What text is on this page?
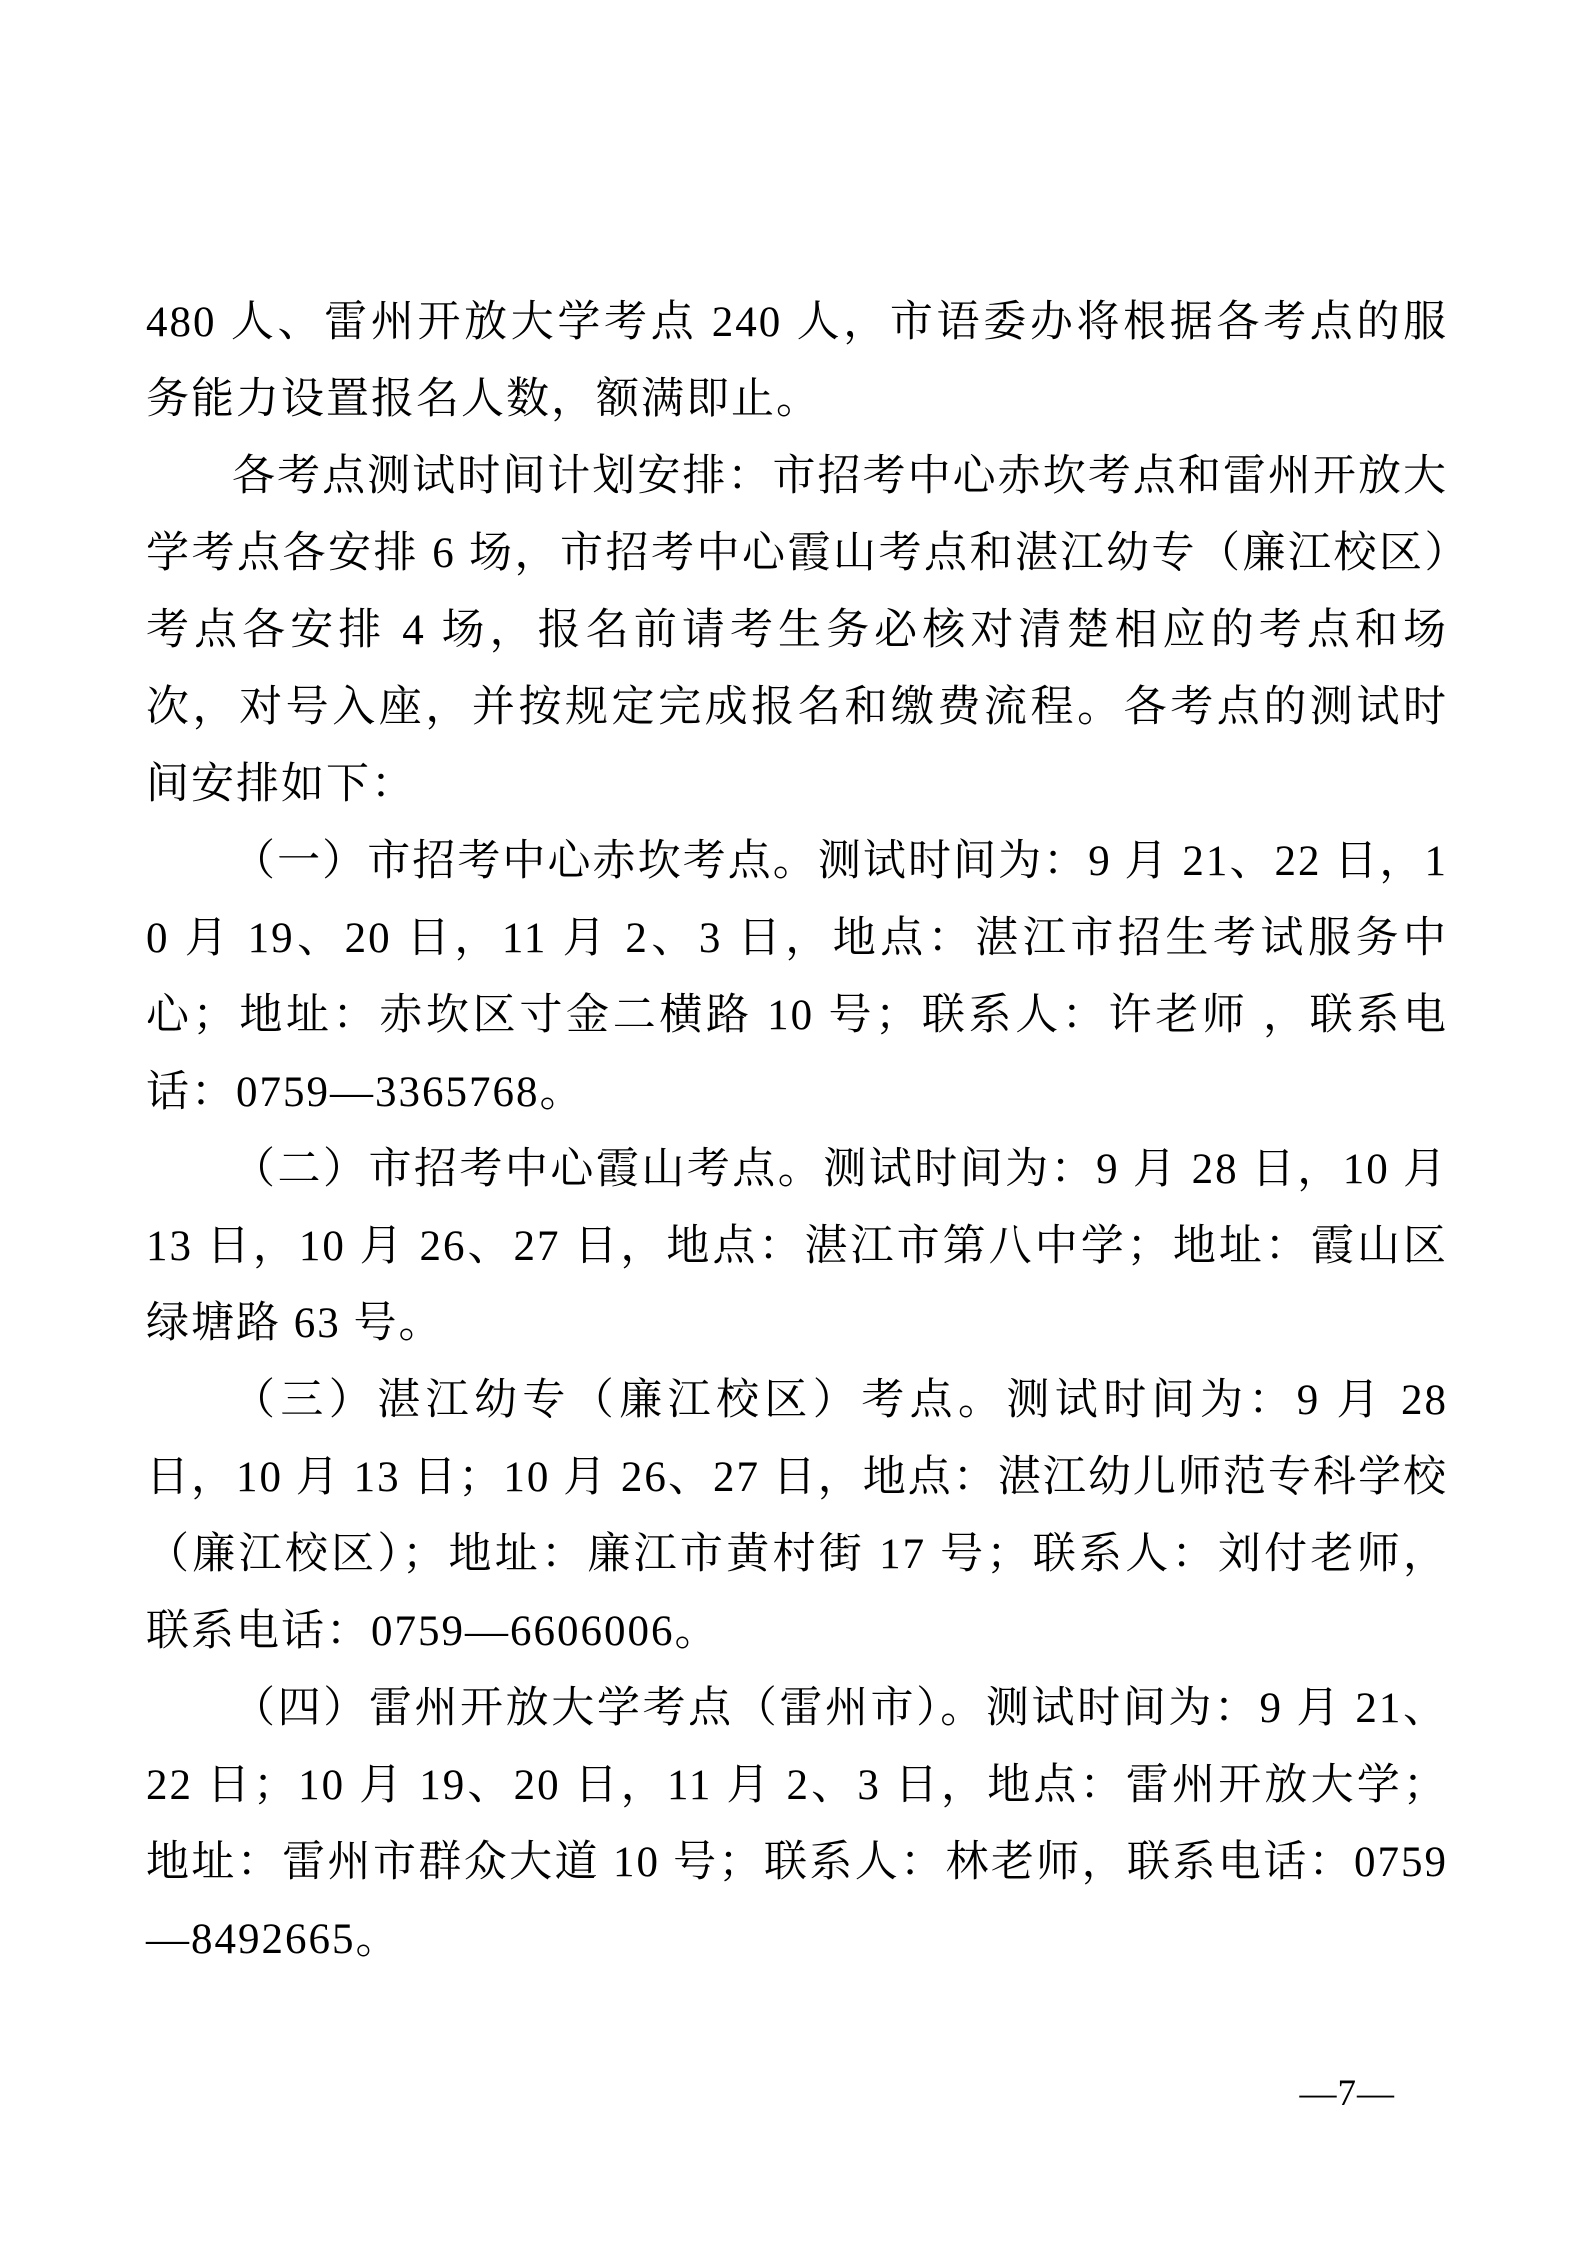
480 人、雷州开放大学考点 240 人，市语委办将根据各考点的服务能力设置报名人数，额满即止。

各考点测试时间计划安排：市招考中心赤坎考点和雷州开放大学考点各安排 6 场，市招考中心霞山考点和湛江幼专（廉江校区）考点各安排 4 场，报名前请考生务必核对清楚相应的考点和场次，对号入座，并按规定完成报名和缴费流程。各考点的测试时间安排如下：

（一）市招考中心赤坎考点。测试时间为：9 月 21、22 日，10 月 19、20 日，11 月 2、3 日，地点：湛江市招生考试服务中心；地址：赤坎区寸金二横路 10 号；联系人：许老师 ，联系电话：0759—3365768。

（二）市招考中心霞山考点。测试时间为：9 月 28 日，10 月 13 日，10 月 26、27 日，地点：湛江市第八中学；地址：霞山区绿塘路 63 号。

（三）湛江幼专（廉江校区）考点。测试时间为：9 月 28 日，10 月 13 日；10 月 26、27 日，地点：湛江幼儿师范专科学校（廉江校区）；地址：廉江市黄村街 17 号；联系人：刘付老师，联系电话：0759—6606006。

（四）雷州开放大学考点（雷州市）。测试时间为：9 月 21、22 日；10 月 19、20 日，11 月 2、3 日，地点：雷州开放大学；地址：雷州市群众大道 10 号；联系人：林老师，联系电话：0759—8492665。

—7—
